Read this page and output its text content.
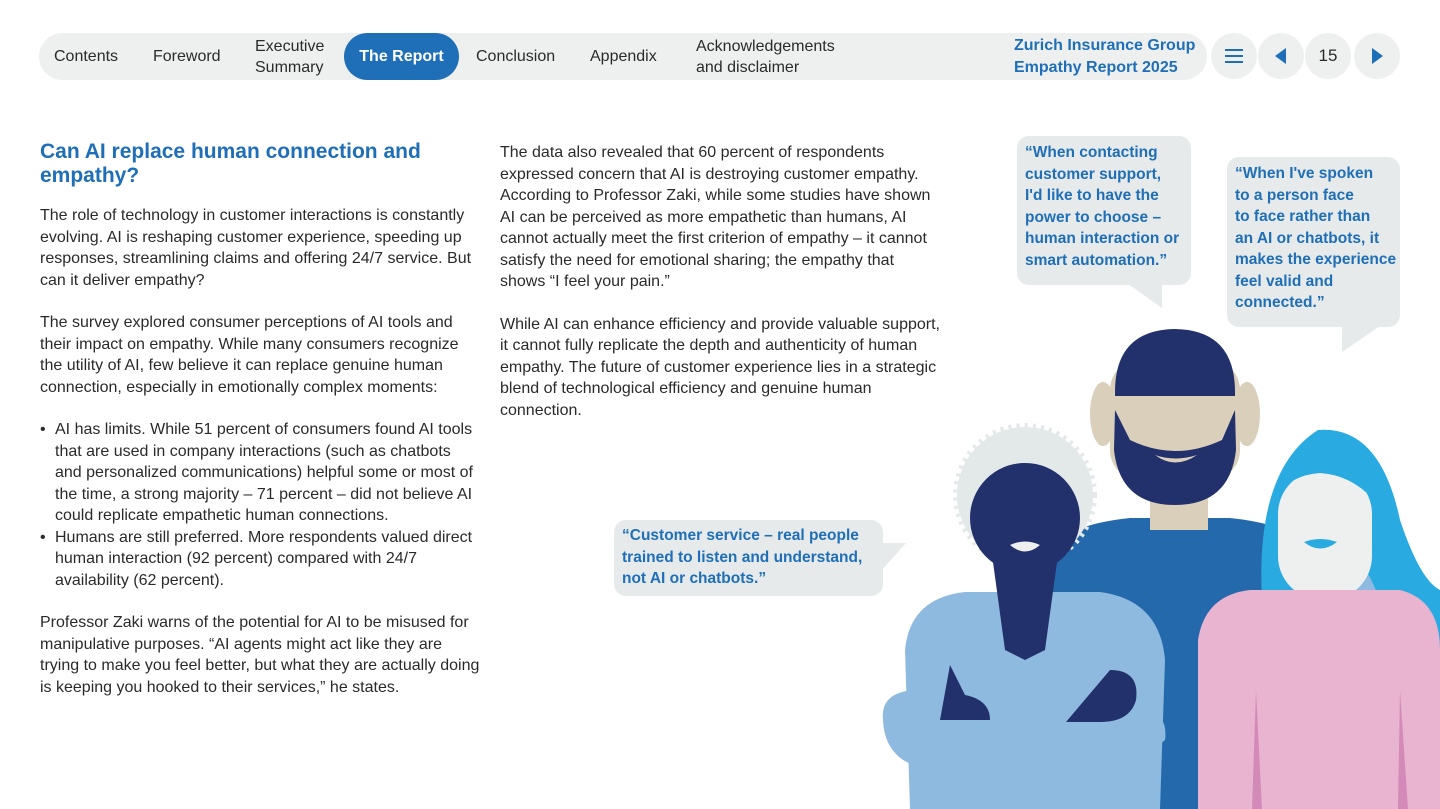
Contents Foreword
Executive
Summary
The Report Conclusion Appendix
Acknowledgements
and disclaimer
Zurich Insurance Group
Empathy Report 2025
15
Can AI replace human connection and empathy?

The role of technology in customer interactions is constantly evolving. AI is reshaping customer experience, speeding up responses, streamlining claims and offering 24/7 service. But can it deliver empathy?

The survey explored consumer perceptions of AI tools and their impact on empathy. While many consumers recognize the utility of AI, few believe it can replace genuine human connection, especially in emotionally complex moments:

• AI has limits. While 51 percent of consumers found AI tools that are used in company interactions (such as chatbots and personalized communications) helpful some or most of the time, a strong majority – 71 percent – did not believe AI could replicate empathetic human connections.
• Humans are still preferred. More respondents valued direct human interaction (92 percent) compared with 24/7 availability (62 percent).

Professor Zaki warns of the potential for AI to be misused for manipulative purposes. “AI agents might act like they are trying to make you feel better, but what they are actually doing is keeping you hooked to their services,” he states.

The data also revealed that 60 percent of respondents expressed concern that AI is destroying customer empathy. According to Professor Zaki, while some studies have shown AI can be perceived as more empathetic than humans, AI cannot actually meet the first criterion of empathy – it cannot satisfy the need for emotional sharing; the empathy that shows “I feel your pain.”

While AI can enhance efficiency and provide valuable support, it cannot fully replicate the depth and authenticity of human empathy. The future of customer experience lies in a strategic blend of technological efficiency and genuine human connection.

“When contacting
customer support,
I'd like to have the
power to choose –
human interaction or
smart automation.”
“When I've spoken
to a person face
to face rather than
an AI or chatbots, it
makes the experience
feel valid and
connected.”
“Customer service – real people
trained to listen and understand,
not AI or chatbots.”
